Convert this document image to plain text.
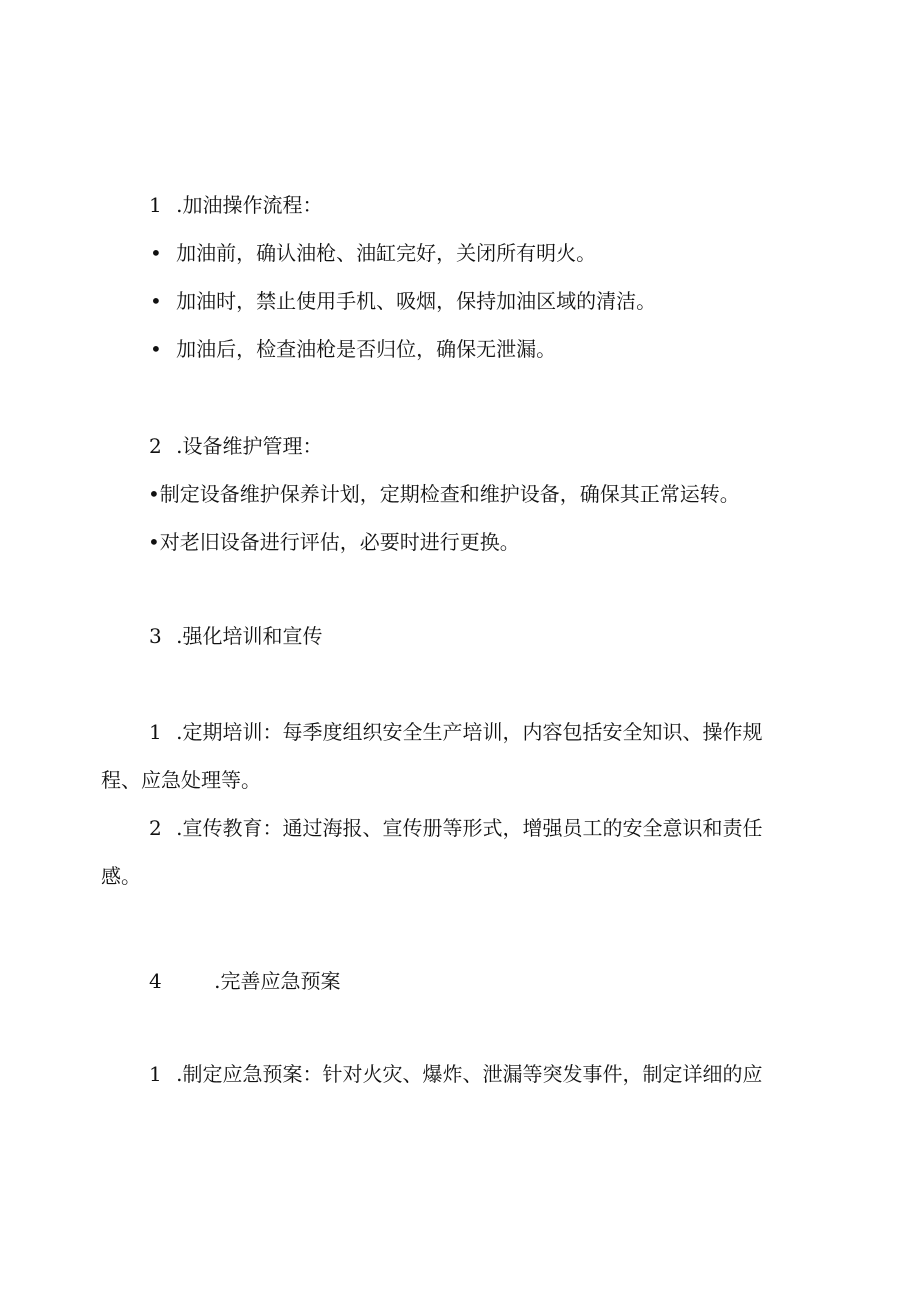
1 .加油操作流程：
• 加油前，确认油枪、油缸完好，关闭所有明火。
• 加油时，禁止使用手机、吸烟，保持加油区域的清洁。
• 加油后，检查油枪是否归位，确保无泄漏。
2 .设备维护管理：
•制定设备维护保养计划，定期检查和维护设备，确保其正常运转。
•对老旧设备进行评估，必要时进行更换。
3 .强化培训和宣传
1 .定期培训：每季度组织安全生产培训，内容包括安全知识、操作规
程、应急处理等。
2 .宣传教育：通过海报、宣传册等形式，增强员工的安全意识和责任
感。
4	.完善应急预案
1 .制定应急预案：针对火灾、爆炸、泄漏等突发事件，制定详细的应
